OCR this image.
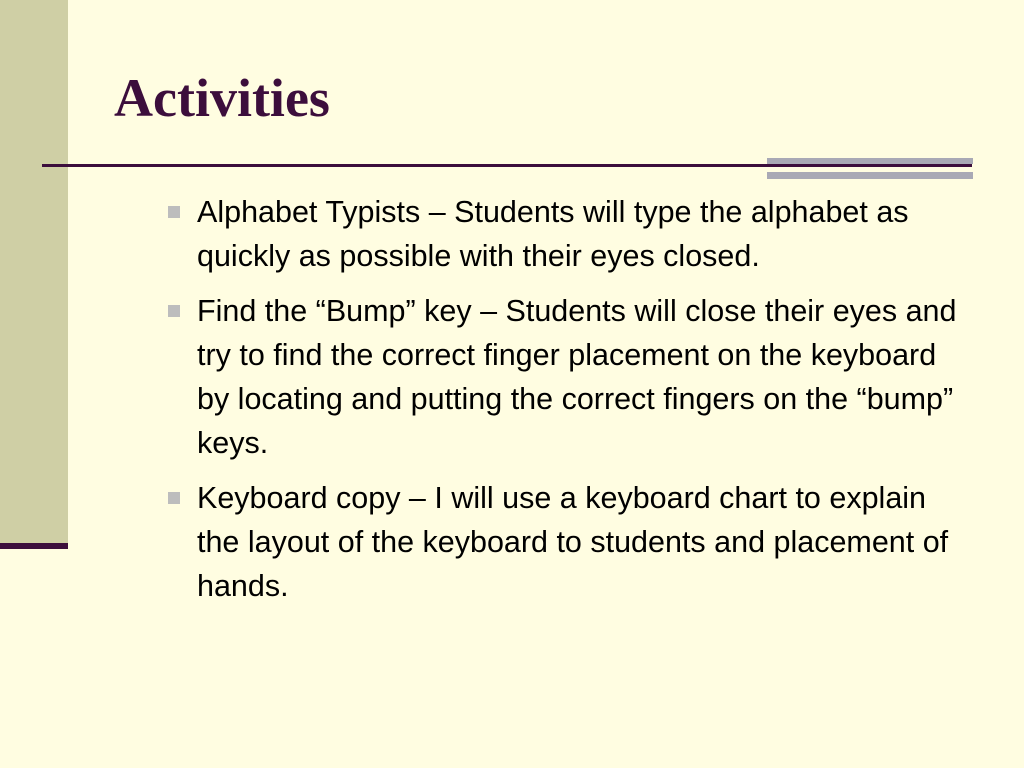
Activities
Alphabet Typists – Students will type the alphabet as quickly as possible with their eyes closed.
Find the “Bump” key – Students will close their eyes and try to find the correct finger placement on the keyboard by locating and putting the correct fingers on the “bump” keys.
Keyboard copy – I will use a keyboard chart to explain the layout of the keyboard to students and placement of hands.
